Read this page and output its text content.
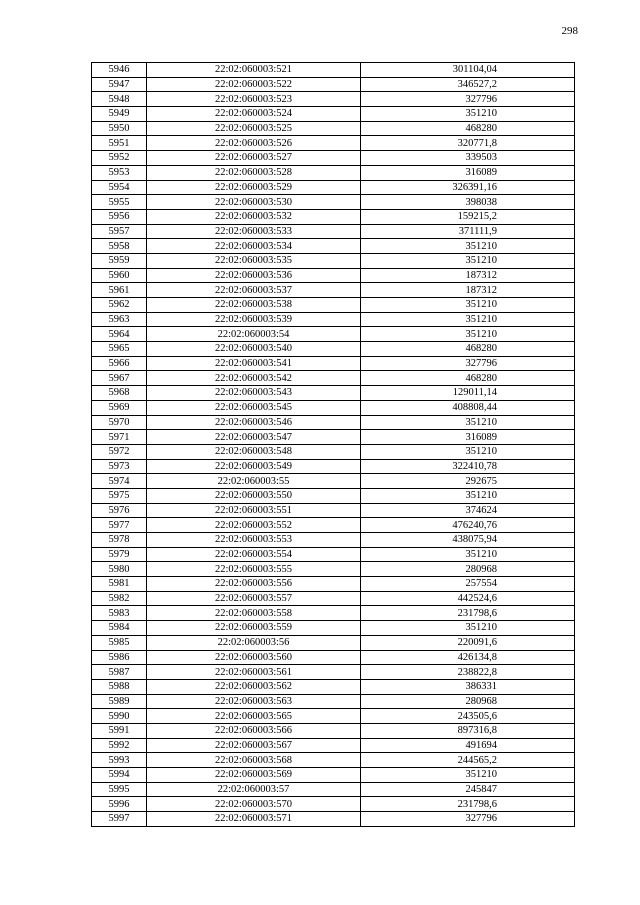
298
5946	22:02:060003:521	301104,04
5947	22:02:060003:522	346527,2
5948	22:02:060003:523	327796
5949	22:02:060003:524	351210
5950	22:02:060003:525	468280
5951	22:02:060003:526	320771,8
5952	22:02:060003:527	339503
5953	22:02:060003:528	316089
5954	22:02:060003:529	326391,16
5955	22:02:060003:530	398038
5956	22:02:060003:532	159215,2
5957	22:02:060003:533	371111,9
5958	22:02:060003:534	351210
5959	22:02:060003:535	351210
5960	22:02:060003:536	187312
5961	22:02:060003:537	187312
5962	22:02:060003:538	351210
5963	22:02:060003:539	351210
5964	22:02:060003:54	351210
5965	22:02:060003:540	468280
5966	22:02:060003:541	327796
5967	22:02:060003:542	468280
5968	22:02:060003:543	129011,14
5969	22:02:060003:545	408808,44
5970	22:02:060003:546	351210
5971	22:02:060003:547	316089
5972	22:02:060003:548	351210
5973	22:02:060003:549	322410,78
5974	22:02:060003:55	292675
5975	22:02:060003:550	351210
5976	22:02:060003:551	374624
5977	22:02:060003:552	476240,76
5978	22:02:060003:553	438075,94
5979	22:02:060003:554	351210
5980	22:02:060003:555	280968
5981	22:02:060003:556	257554
5982	22:02:060003:557	442524,6
5983	22:02:060003:558	231798,6
5984	22:02:060003:559	351210
5985	22:02:060003:56	220091,6
5986	22:02:060003:560	426134,8
5987	22:02:060003:561	238822,8
5988	22:02:060003:562	386331
5989	22:02:060003:563	280968
5990	22:02:060003:565	243505,6
5991	22:02:060003:566	897316,8
5992	22:02:060003:567	491694
5993	22:02:060003:568	244565,2
5994	22:02:060003:569	351210
5995	22:02:060003:57	245847
5996	22:02:060003:570	231798,6
5997	22:02:060003:571	327796
